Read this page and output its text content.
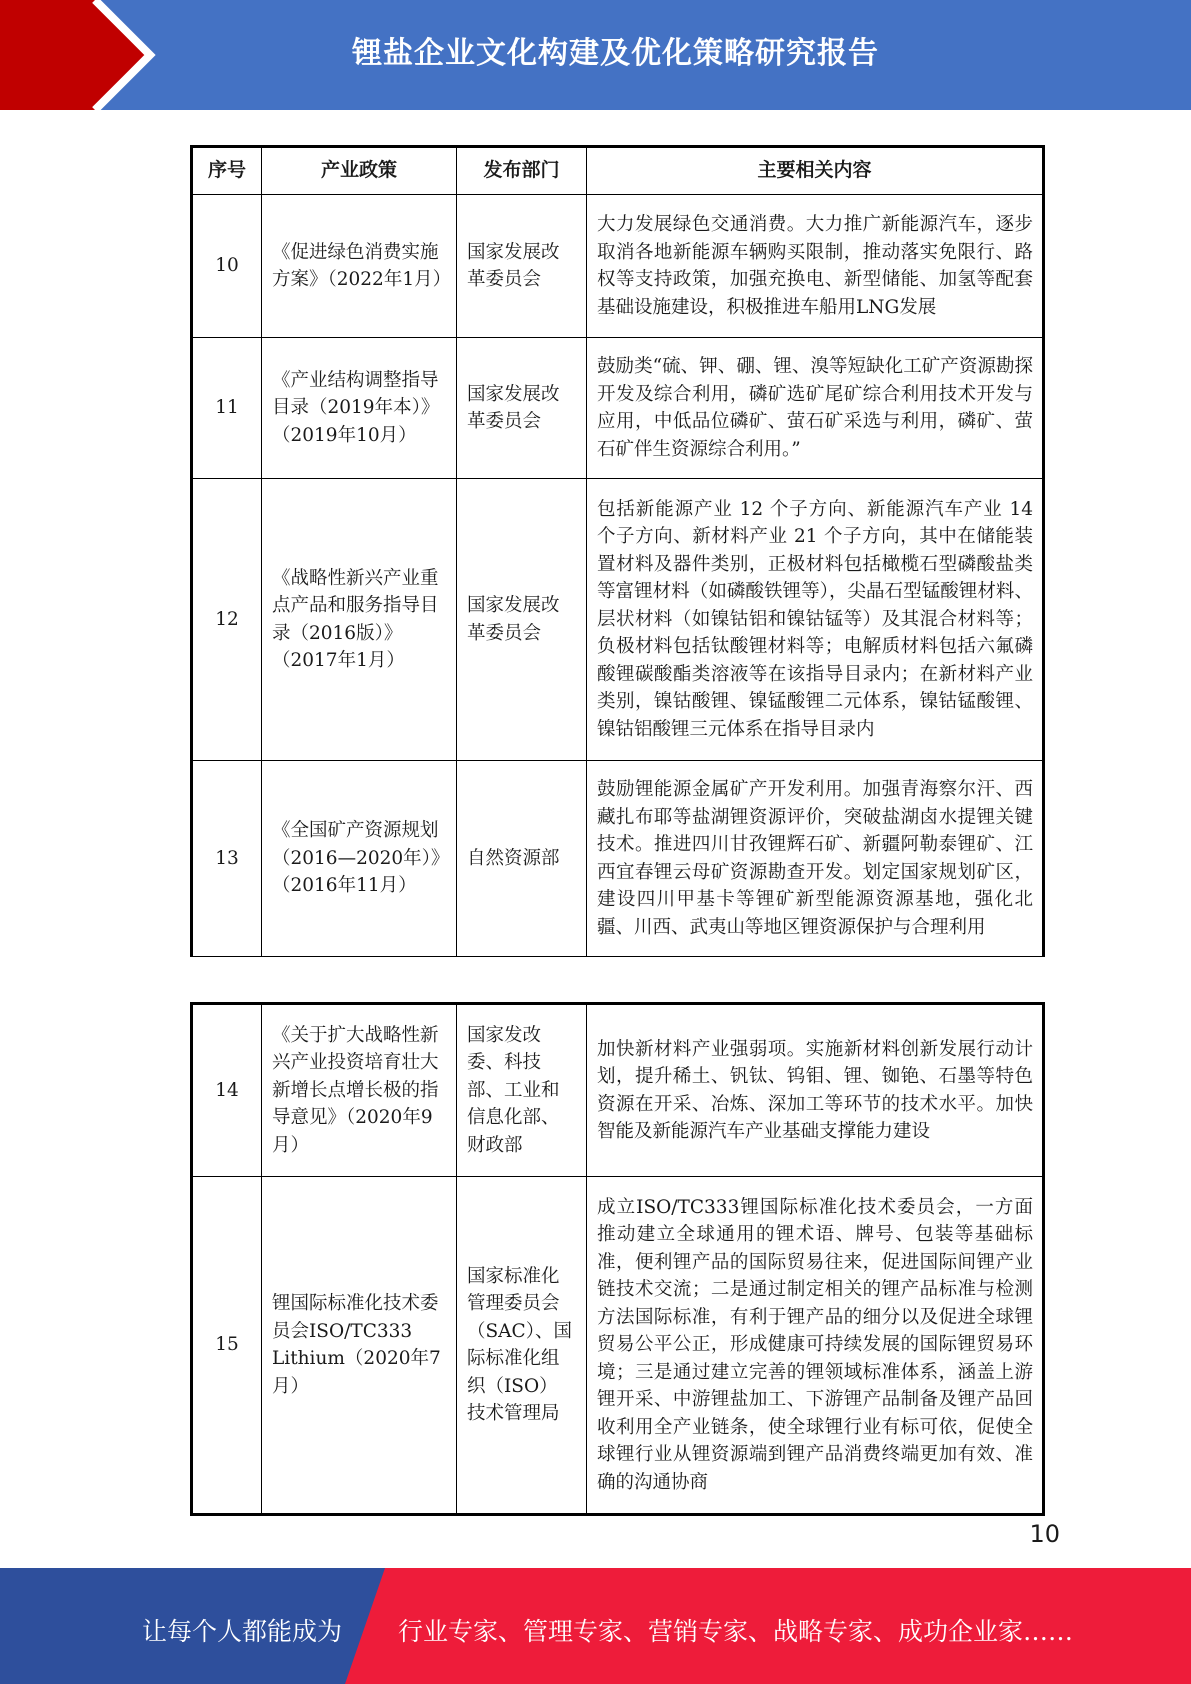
锂盐企业文化构建及优化策略研究报告
序号	产业政策	发布部门	主要相关内容
10	《促进绿色消费实施方案》（2022年1月）	国家发展改革委员会	大力发展绿色交通消费。大力推广新能源汽车，逐步取消各地新能源车辆购买限制，推动落实免限行、路权等支持政策，加强充换电、新型储能、加氢等配套基础设施建设，积极推进车船用LNG发展
11	《产业结构调整指导目录（2019年本）》（2019年10月）	国家发展改革委员会	鼓励类“硫、钾、硼、锂、溴等短缺化工矿产资源勘探开发及综合利用，磷矿选矿尾矿综合利用技术开发与应用，中低品位磷矿、萤石矿采选与利用，磷矿、萤石矿伴生资源综合利用。”
12	《战略性新兴产业重点产品和服务指导目录（2016版）》（2017年1月）	国家发展改革委员会	包括新能源产业 12 个子方向、新能源汽车产业 14 个子方向、新材料产业 21 个子方向，其中在储能装置材料及器件类别，正极材料包括橄榄石型磷酸盐类等富锂材料（如磷酸铁锂等），尖晶石型锰酸锂材料、层状材料（如镍钴铝和镍钴锰等）及其混合材料等；负极材料包括钛酸锂材料等；电解质材料包括六氟磷酸锂碳酸酯类溶液等在该指导目录内；在新材料产业类别，镍钴酸锂、镍锰酸锂二元体系，镍钴锰酸锂、镍钴铝酸锂三元体系在指导目录内
13	《全国矿产资源规划（2016—2020年）》（2016年11月）	自然资源部	鼓励锂能源金属矿产开发利用。加强青海察尔汗、西藏扎布耶等盐湖锂资源评价，突破盐湖卤水提锂关键技术。推进四川甘孜锂辉石矿、新疆阿勒泰锂矿、江西宜春锂云母矿资源勘查开发。划定国家规划矿区，建设四川甲基卡等锂矿新型能源资源基地，强化北疆、川西、武夷山等地区锂资源保护与合理利用
14	《关于扩大战略性新兴产业投资培育壮大新增长点增长极的指导意见》（2020年9月）	国家发改委、科技部、工业和信息化部、财政部	加快新材料产业强弱项。实施新材料创新发展行动计划，提升稀土、钒钛、钨钼、锂、铷铯、石墨等特色资源在开采、冶炼、深加工等环节的技术水平。加快智能及新能源汽车产业基础支撑能力建设
15	锂国际标准化技术委员会ISO/TC333 Lithium（2020年7月）	国家标准化管理委员会（SAC）、国际标准化组织（ISO）技术管理局	成立ISO/TC333锂国际标准化技术委员会，一方面推动建立全球通用的锂术语、牌号、包装等基础标准，便利锂产品的国际贸易往来，促进国际间锂产业链技术交流；二是通过制定相关的锂产品标准与检测方法国际标准，有利于锂产品的细分以及促进全球锂贸易公平公正，形成健康可持续发展的国际锂贸易环境；三是通过建立完善的锂领域标准体系，涵盖上游锂开采、中游锂盐加工、下游锂产品制备及锂产品回收利用全产业链条，使全球锂行业有标可依，促使全球锂行业从锂资源端到锂产品消费终端更加有效、准确的沟通协商
10
让每个人都能成为 行业专家、管理专家、营销专家、战略专家、成功企业家……
